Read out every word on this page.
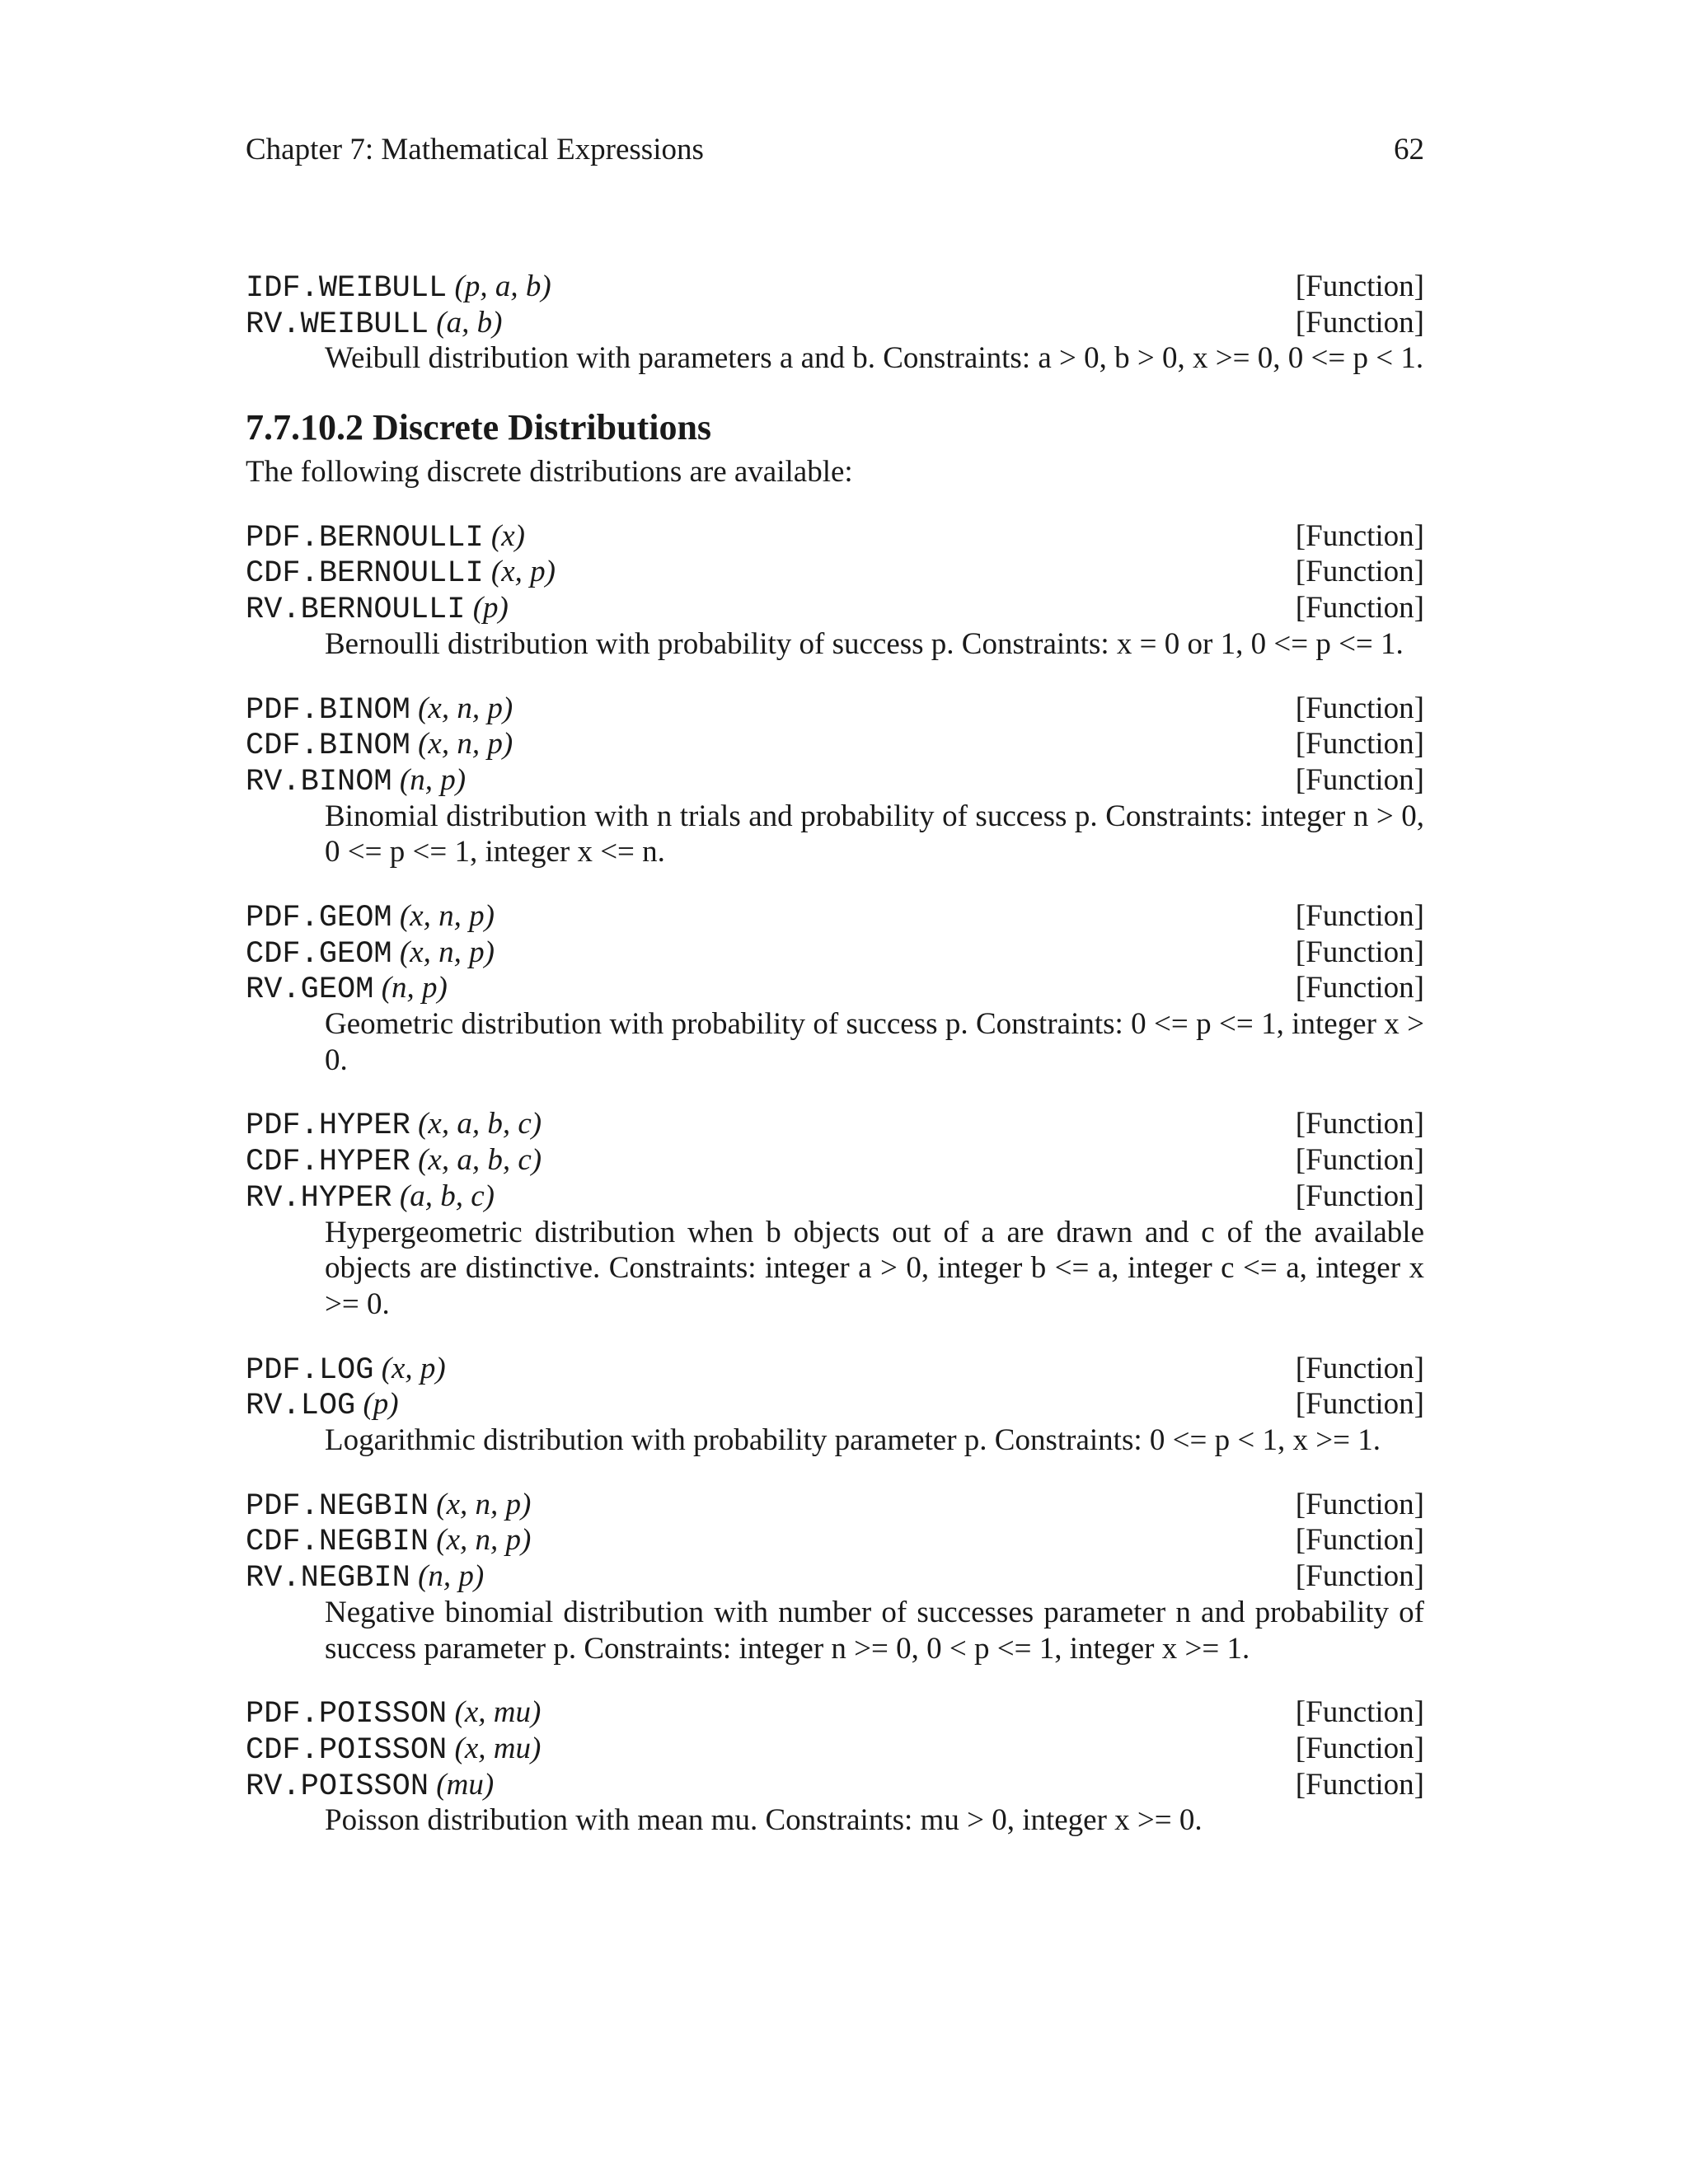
Chapter 7: Mathematical Expressions	62
IDF.WEIBULL (p, a, b)	[Function]
RV.WEIBULL (a, b)	[Function]
Weibull distribution with parameters a and b. Constraints: a > 0, b > 0, x >= 0, 0 <= p < 1.
7.7.10.2 Discrete Distributions
The following discrete distributions are available:
PDF.BERNOULLI (x)	[Function]
CDF.BERNOULLI (x, p)	[Function]
RV.BERNOULLI (p)	[Function]
Bernoulli distribution with probability of success p. Constraints: x = 0 or 1, 0 <= p <= 1.
PDF.BINOM (x, n, p)	[Function]
CDF.BINOM (x, n, p)	[Function]
RV.BINOM (n, p)	[Function]
Binomial distribution with n trials and probability of success p. Constraints: integer n > 0, 0 <= p <= 1, integer x <= n.
PDF.GEOM (x, n, p)	[Function]
CDF.GEOM (x, n, p)	[Function]
RV.GEOM (n, p)	[Function]
Geometric distribution with probability of success p. Constraints: 0 <= p <= 1, integer x > 0.
PDF.HYPER (x, a, b, c)	[Function]
CDF.HYPER (x, a, b, c)	[Function]
RV.HYPER (a, b, c)	[Function]
Hypergeometric distribution when b objects out of a are drawn and c of the available objects are distinctive. Constraints: integer a > 0, integer b <= a, integer c <= a, integer x >= 0.
PDF.LOG (x, p)	[Function]
RV.LOG (p)	[Function]
Logarithmic distribution with probability parameter p. Constraints: 0 <= p < 1, x >= 1.
PDF.NEGBIN (x, n, p)	[Function]
CDF.NEGBIN (x, n, p)	[Function]
RV.NEGBIN (n, p)	[Function]
Negative binomial distribution with number of successes parameter n and probability of success parameter p. Constraints: integer n >= 0, 0 < p <= 1, integer x >= 1.
PDF.POISSON (x, mu)	[Function]
CDF.POISSON (x, mu)	[Function]
RV.POISSON (mu)	[Function]
Poisson distribution with mean mu. Constraints: mu > 0, integer x >= 0.
